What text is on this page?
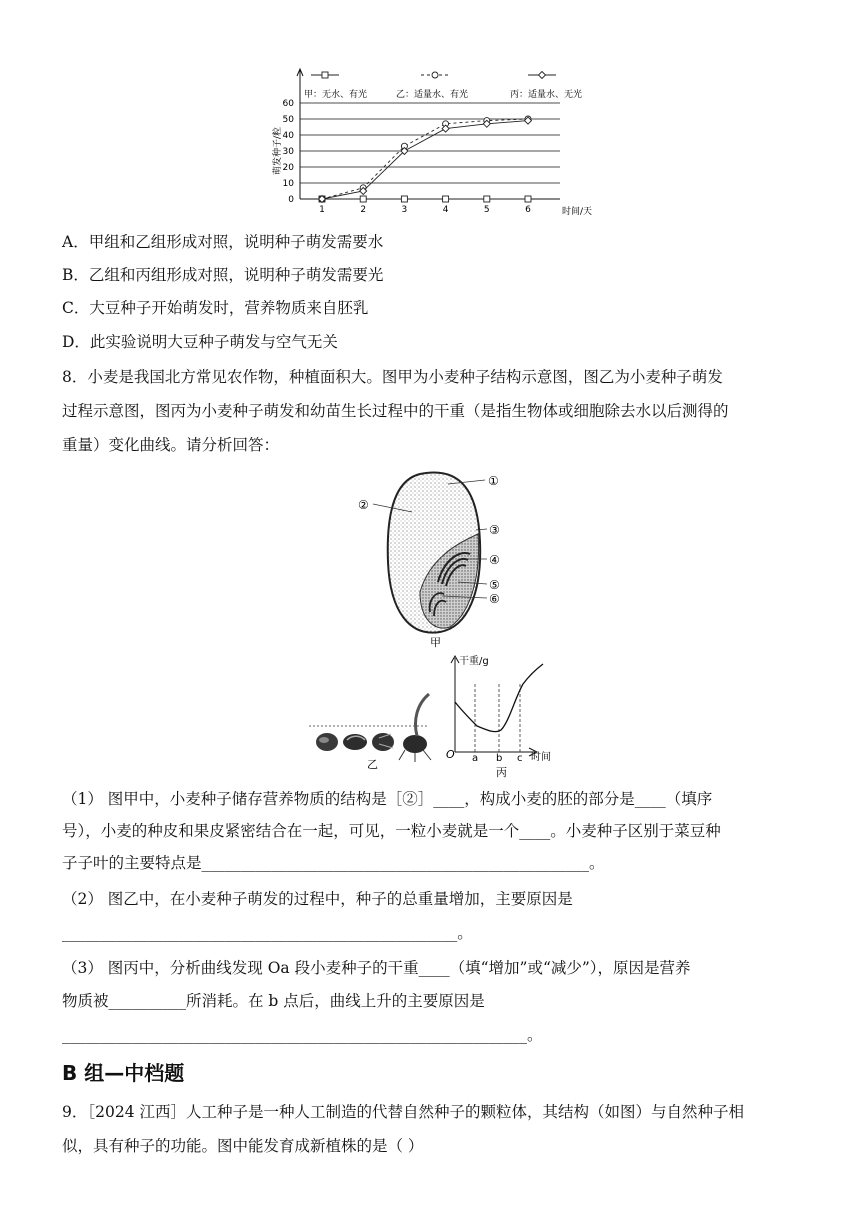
0
10
20
30
40
50
60
1	2	3	4	5	6	时间/天
萌发种子/粒
甲：无水、有光	乙：适量水、有光	丙：适量水、无光
A．甲组和乙组形成对照，说明种子萌发需要水
B．乙组和丙组形成对照，说明种子萌发需要光
C．大豆种子开始萌发时，营养物质来自胚乳
D．此实验说明大豆种子萌发与空气无关
8．小麦是我国北方常见农作物，种植面积大。图甲为小麦种子结构示意图，图乙为小麦种子萌发
过程示意图，图丙为小麦种子萌发和幼苗生长过程中的干重（是指生物体或细胞除去水以后测得的
重量）变化曲线。请分析回答：
①
②
③
④
⑤
⑥
甲
乙
干重/g
O a b c 时间
丙
（1） 图甲中，小麦种子储存营养物质的结构是［②］____，构成小麦的胚的部分是____（填序
号），小麦的种皮和果皮紧密结合在一起，可见，一粒小麦就是一个____。小麦种子区别于菜豆种
子子叶的主要特点是__________________________________________________。
（2） 图乙中，在小麦种子萌发的过程中，种子的总重量增加，主要原因是
___________________________________________________。
（3） 图丙中，分析曲线发现 Oa 段小麦种子的干重____（填“增加”或“减少”），原因是营养
物质被__________所消耗。在 b 点后，曲线上升的主要原因是
____________________________________________________________。
B 组—中档题
9．［2024 江西］人工种子是一种人工制造的代替自然种子的颗粒体，其结构（如图）与自然种子相
似，具有种子的功能。图中能发育成新植株的是（ ）
